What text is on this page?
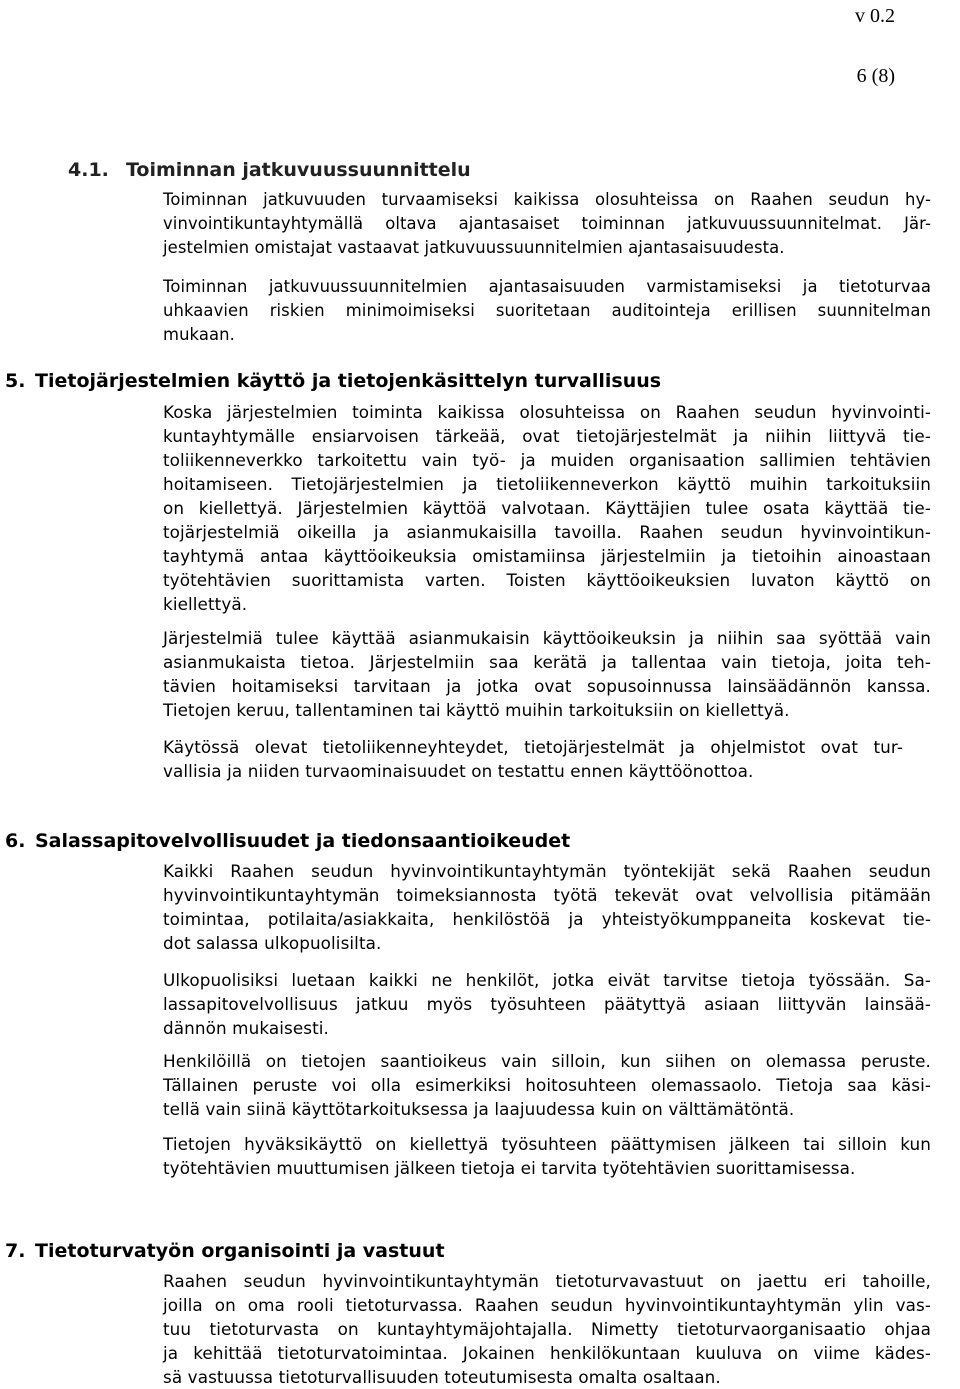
v 0.2
6 (8)
4.1. Toiminnan jatkuvuussuunnittelu
Toiminnan jatkuvuuden turvaamiseksi kaikissa olosuhteissa on Raahen seudun hy-
vinvointikuntayhtymällä oltava ajantasaiset toiminnan jatkuvuussuunnitelmat. Jär-
jestelmien omistajat vastaavat jatkuvuussuunnitelmien ajantasaisuudesta.
Toiminnan jatkuvuussuunnitelmien ajantasaisuuden varmistamiseksi ja tietoturvaa
uhkaavien riskien minimoimiseksi suoritetaan auditointeja erillisen suunnitelman
mukaan.
5. Tietojärjestelmien käyttö ja tietojenkäsittelyn turvallisuus
Koska järjestelmien toiminta kaikissa olosuhteissa on Raahen seudun hyvinvointi-
kuntayhtymälle ensiarvoisen tärkeää, ovat tietojärjestelmät ja niihin liittyvä tie-
toliikenneverkko tarkoitettu vain työ- ja muiden organisaation sallimien tehtävien
hoitamiseen. Tietojärjestelmien ja tietoliikenneverkon käyttö muihin tarkoituksiin
on kiellettyä. Järjestelmien käyttöä valvotaan. Käyttäjien tulee osata käyttää tie-
tojärjestelmiä oikeilla ja asianmukaisilla tavoilla. Raahen seudun hyvinvointikun-
tayhtymä antaa käyttöoikeuksia omistamiinsa järjestelmiin ja tietoihin ainoastaan
työtehtävien suorittamista varten. Toisten käyttöoikeuksien luvaton käyttö on
kiellettyä.
Järjestelmiä tulee käyttää asianmukaisin käyttöoikeuksin ja niihin saa syöttää vain
asianmukaista tietoa. Järjestelmiin saa kerätä ja tallentaa vain tietoja, joita teh-
tävien hoitamiseksi tarvitaan ja jotka ovat sopusoinnussa lainsäädännön kanssa.
Tietojen keruu, tallentaminen tai käyttö muihin tarkoituksiin on kiellettyä.
Käytössä olevat tietoliikenneyhteydet, tietojärjestelmät ja ohjelmistot ovat tur-
vallisia ja niiden turvaominaisuudet on testattu ennen käyttöönottoa.
6. Salassapitovelvollisuudet ja tiedonsaantioikeudet
Kaikki Raahen seudun hyvinvointikuntayhtymän työntekijät sekä Raahen seudun
hyvinvointikuntayhtymän toimeksiannosta työtä tekevät ovat velvollisia pitämään
toimintaa, potilaita/asiakkaita, henkilöstöä ja yhteistyökumppaneita koskevat tie-
dot salassa ulkopuolisilta.
Ulkopuolisiksi luetaan kaikki ne henkilöt, jotka eivät tarvitse tietoja työssään. Sa-
lassapitovelvollisuus jatkuu myös työsuhteen päätyttyä asiaan liittyvän lainsää-
dännön mukaisesti.
Henkilöillä on tietojen saantioikeus vain silloin, kun siihen on olemassa peruste.
Tällainen peruste voi olla esimerkiksi hoitosuhteen olemassaolo. Tietoja saa käsi-
tellä vain siinä käyttötarkoituksessa ja laajuudessa kuin on välttämätöntä.
Tietojen hyväksikäyttö on kiellettyä työsuhteen päättymisen jälkeen tai silloin kun
työtehtävien muuttumisen jälkeen tietoja ei tarvita työtehtävien suorittamisessa.
7. Tietoturvatyön organisointi ja vastuut
Raahen seudun hyvinvointikuntayhtymän tietoturvavastuut on jaettu eri tahoille,
joilla on oma rooli tietoturvassa. Raahen seudun hyvinvointikuntayhtymän ylin vas-
tuu tietoturvasta on kuntayhtymäjohtajalla. Nimetty tietoturvaorganisaatio ohjaa
ja kehittää tietoturvatoimintaa. Jokainen henkilökuntaan kuuluva on viime kädes-
sä vastuussa tietoturvallisuuden toteutumisesta omalta osaltaan.
